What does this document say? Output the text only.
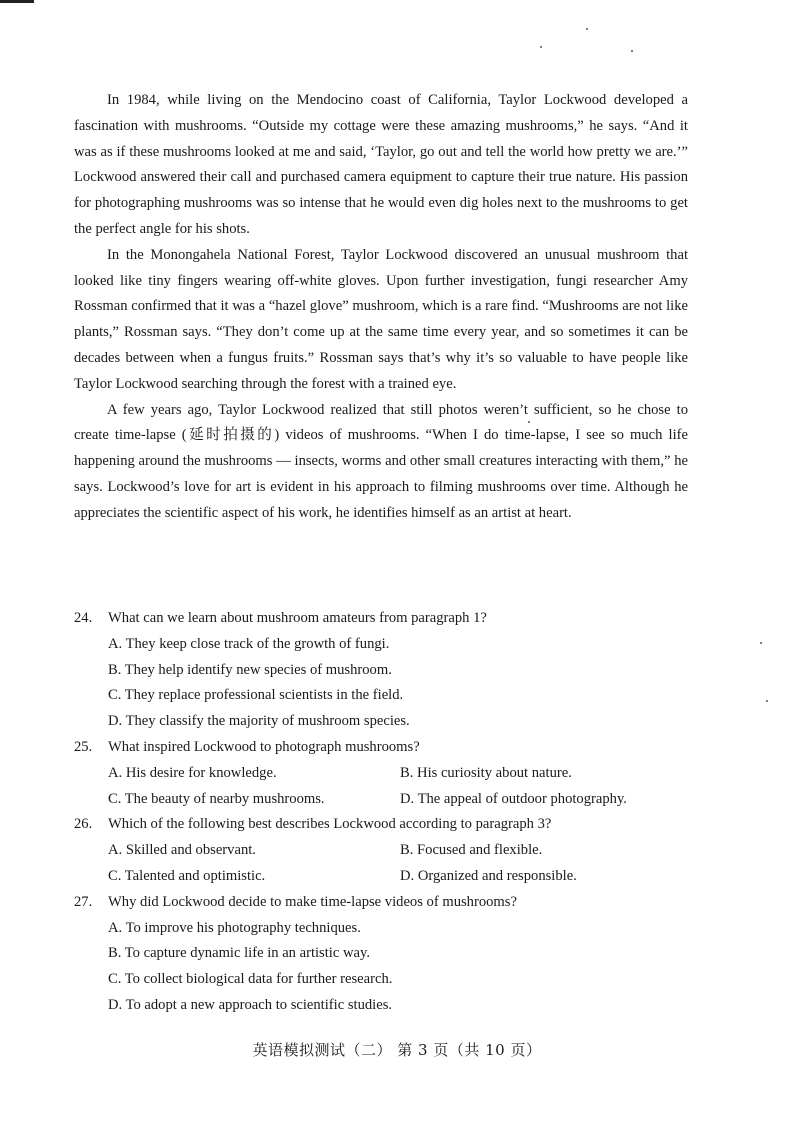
In 1984, while living on the Mendocino coast of California, Taylor Lockwood developed a fascination with mushrooms. “Outside my cottage were these amazing mushrooms,” he says. “And it was as if these mushrooms looked at me and said, ‘Taylor, go out and tell the world how pretty we are.’” Lockwood answered their call and purchased camera equipment to capture their true nature. His passion for photographing mushrooms was so intense that he would even dig holes next to the mushrooms to get the perfect angle for his shots.

In the Monongahela National Forest, Taylor Lockwood discovered an unusual mushroom that looked like tiny fingers wearing off-white gloves. Upon further investigation, fungi researcher Amy Rossman confirmed that it was a “hazel glove” mushroom, which is a rare find. “Mushrooms are not like plants,” Rossman says. “They don’t come up at the same time every year, and so sometimes it can be decades between when a fungus fruits.” Rossman says that’s why it’s so valuable to have people like Taylor Lockwood searching through the forest with a trained eye.

A few years ago, Taylor Lockwood realized that still photos weren’t sufficient, so he chose to create time-lapse (延时拍摄的) videos of mushrooms. “When I do time-lapse, I see so much life happening around the mushrooms — insects, worms and other small creatures interacting with them,” he says. Lockwood’s love for art is evident in his approach to filming mushrooms over time. Although he appreciates the scientific aspect of his work, he identifies himself as an artist at heart.

24. What can we learn about mushroom amateurs from paragraph 1?
A. They keep close track of the growth of fungi.
B. They help identify new species of mushroom.
C. They replace professional scientists in the field.
D. They classify the majority of mushroom species.
25. What inspired Lockwood to photograph mushrooms?
A. His desire for knowledge.	B. His curiosity about nature.
C. The beauty of nearby mushrooms.	D. The appeal of outdoor photography.
26. Which of the following best describes Lockwood according to paragraph 3?
A. Skilled and observant.	B. Focused and flexible.
C. Talented and optimistic.	D. Organized and responsible.
27. Why did Lockwood decide to make time-lapse videos of mushrooms?
A. To improve his photography techniques.
B. To capture dynamic life in an artistic way.
C. To collect biological data for further research.
D. To adopt a new approach to scientific studies.
英语模拟测试（二） 第 3 页（共 10 页）
